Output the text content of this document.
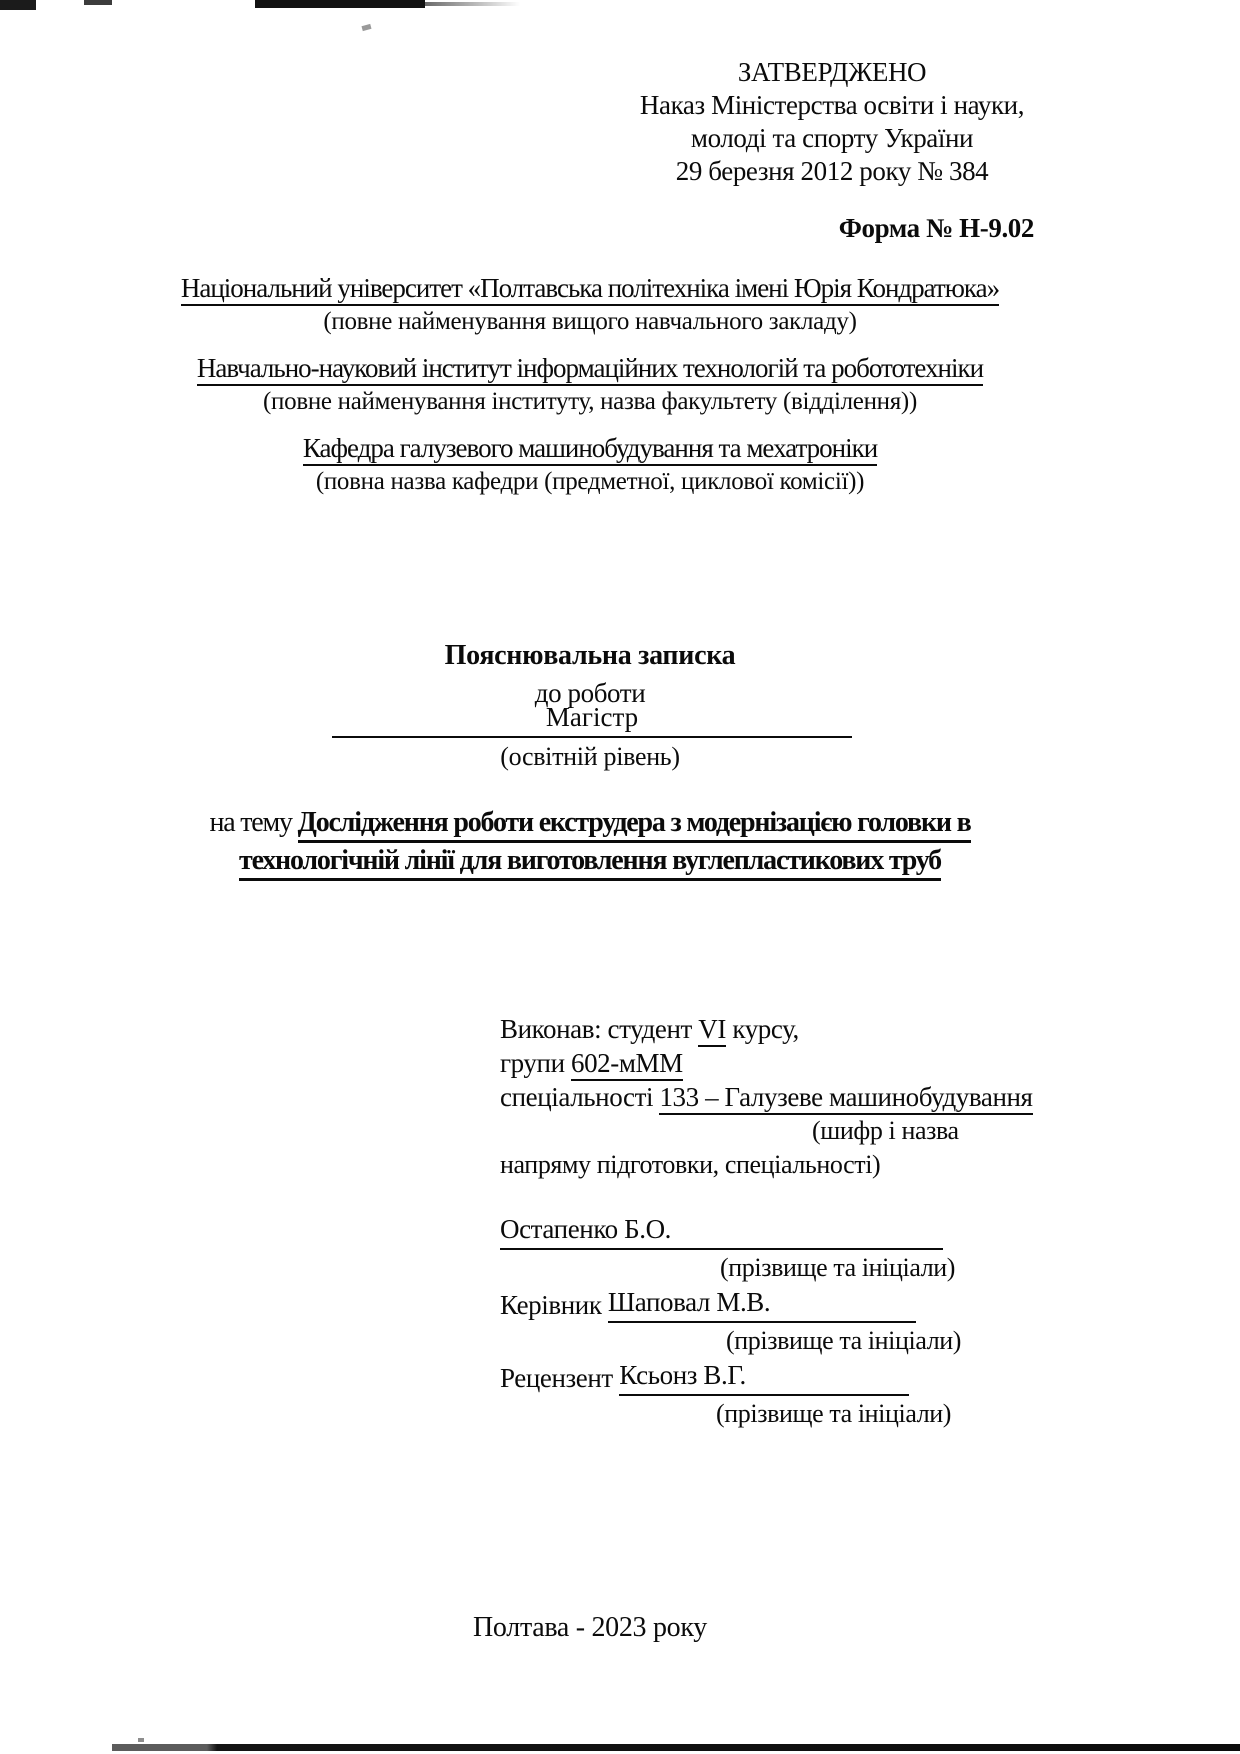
ЗАТВЕРДЖЕНО
Наказ Міністерства освіти і науки,
молоді та спорту України
29 березня 2012 року № 384
Форма № Н-9.02
Національний університет «Полтавська політехніка імені Юрія Кондратюка»
(повне найменування вищого навчального закладу)
Навчально-науковий інститут інформаційних технологій та робототехніки
(повне найменування інституту, назва факультету (відділення))
Кафедра галузевого машинобудування та мехатроніки
(повна назва кафедри (предметної, циклової комісії))
Пояснювальна записка
до роботи
Магістр
(освітній рівень)
на тему Дослідження роботи екструдера з модернізацією головки в
технологічній лінії для виготовлення вуглепластикових труб
Виконав: студент VI курсу,
групи 602-мММ
спеціальності 133 – Галузеве машинобудування
(шифр і назва
напряму підготовки, спеціальності)
Остапенко Б.О.
(прізвище та ініціали)
Керівник Шаповал М.В.
(прізвище та ініціали)
Рецензент Ксьонз В.Г.
(прізвище та ініціали)
Полтава - 2023 року
